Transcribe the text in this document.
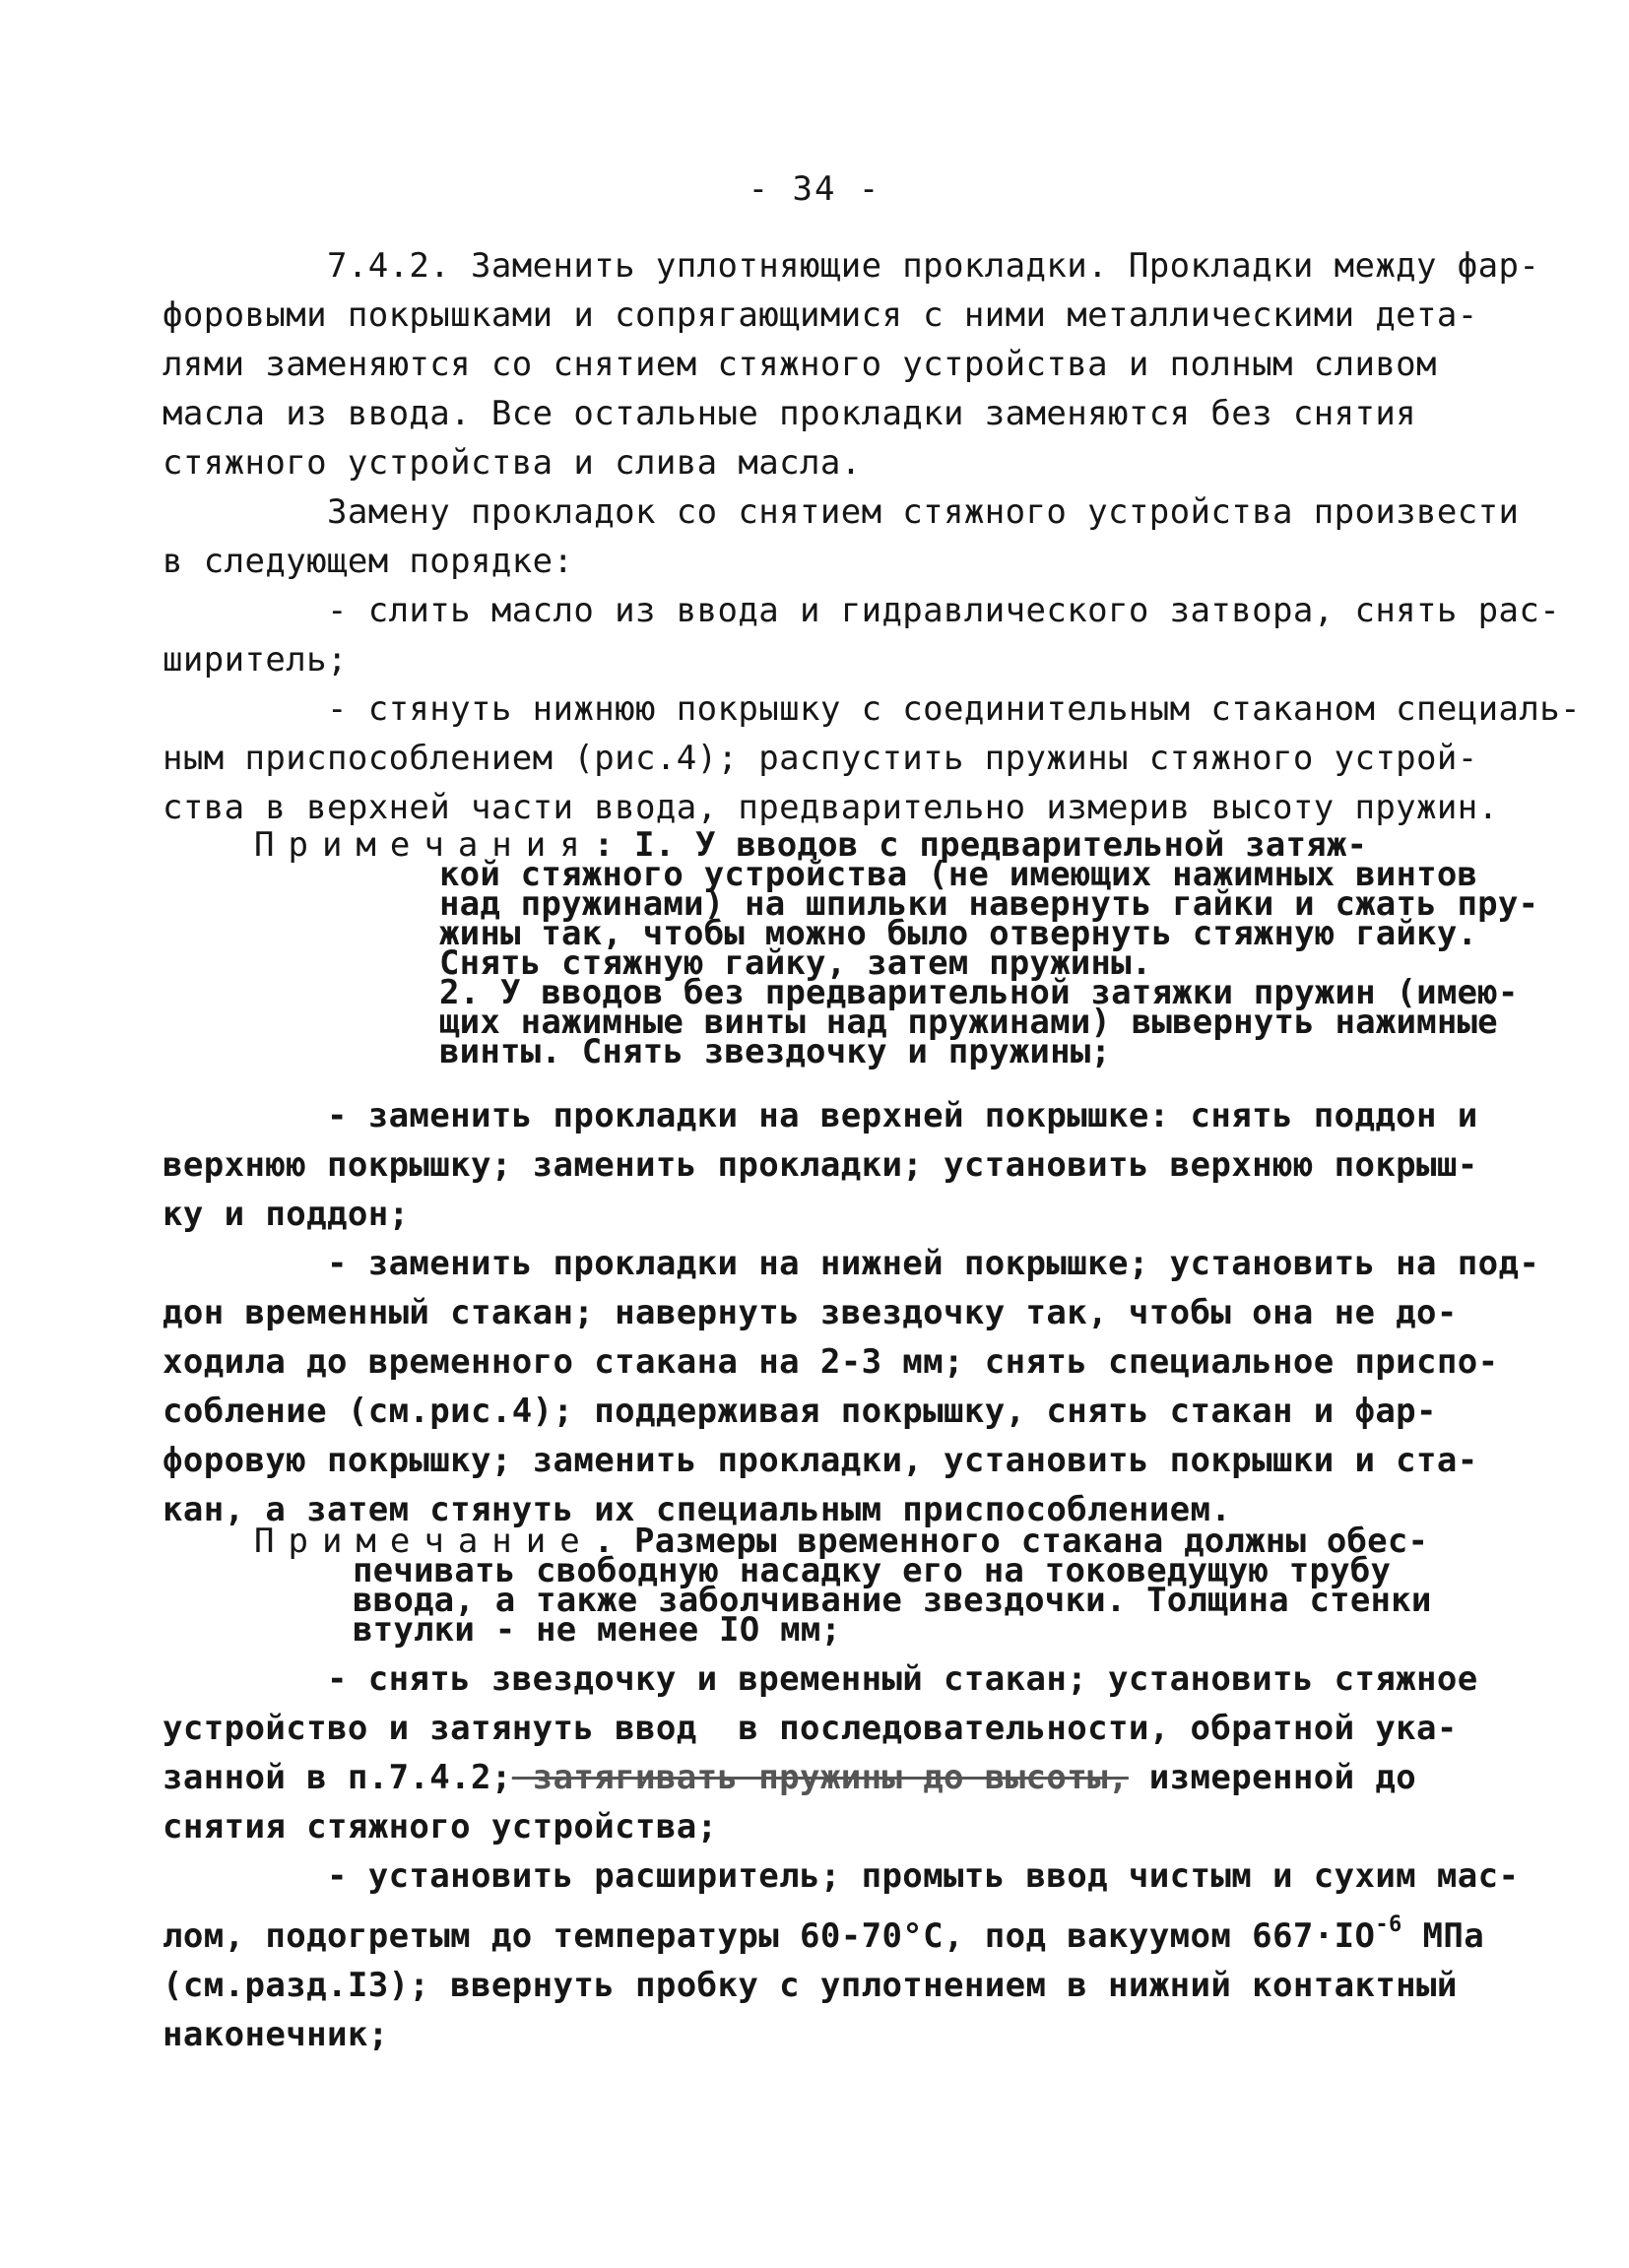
- 34 -

7.4.2. Заменить уплотняющие прокладки. Прокладки между фар-

форовыми покрышками и сопрягающимися с ними металлическими дета-

лями заменяются со снятием стяжного устройства и полным сливом

масла из ввода. Все остальные прокладки заменяются без снятия

стяжного устройства и слива масла.

Замену прокладок со снятием стяжного устройства произвести

в следующем порядке:

- слить масло из ввода и гидравлического затвора, снять рас-

ширитель;

- стянуть нижнюю покрышку с соединительным стаканом специаль-

ным приспособлением (рис.4); распустить пружины стяжного устрой-

ства в верхней части ввода, предварительно измерив высоту пружин.

Примечания: I. У вводов с предварительной затяж-

кой стяжного устройства (не имеющих нажимных винтов

над пружинами) на шпильки навернуть гайки и сжать пру-

жины так, чтобы можно было отвернуть стяжную гайку.

Снять стяжную гайку, затем пружины.

2. У вводов без предварительной затяжки пружин (имею-

щих нажимные винты над пружинами) вывернуть нажимные

винты. Снять звездочку и пружины;

- заменить прокладки на верхней покрышке: снять поддон и

верхнюю покрышку; заменить прокладки; установить верхнюю покрыш-

ку и поддон;

- заменить прокладки на нижней покрышке; установить на под-

дон временный стакан; навернуть звездочку так, чтобы она не до-

ходила до временного стакана на 2-3 мм; снять специальное приспо-

собление (см.рис.4); поддерживая покрышку, снять стакан и фар-

форовую покрышку; заменить прокладки, установить покрышки и ста-

кан, а затем стянуть их специальным приспособлением.

Примечание. Размеры временного стакана должны обес-

печивать свободную насадку его на токоведущую трубу

ввода, а также заболчивание звездочки. Толщина стенки

втулки - не менее IO мм;

- снять звездочку и временный стакан; установить стяжное

устройство и затянуть ввод  в последовательности, обратной ука-

занной в п.7.4.2; затягивать пружины до высоты, измеренной до

снятия стяжного устройства;

- установить расширитель; промыть ввод чистым и сухим мас-

лом, подогретым до температуры 60-70°С, под вакуумом $667\cdot IO^{-6}$ МПа

(см.разд.I3); ввернуть пробку с уплотнением в нижний контактный

наконечник;
